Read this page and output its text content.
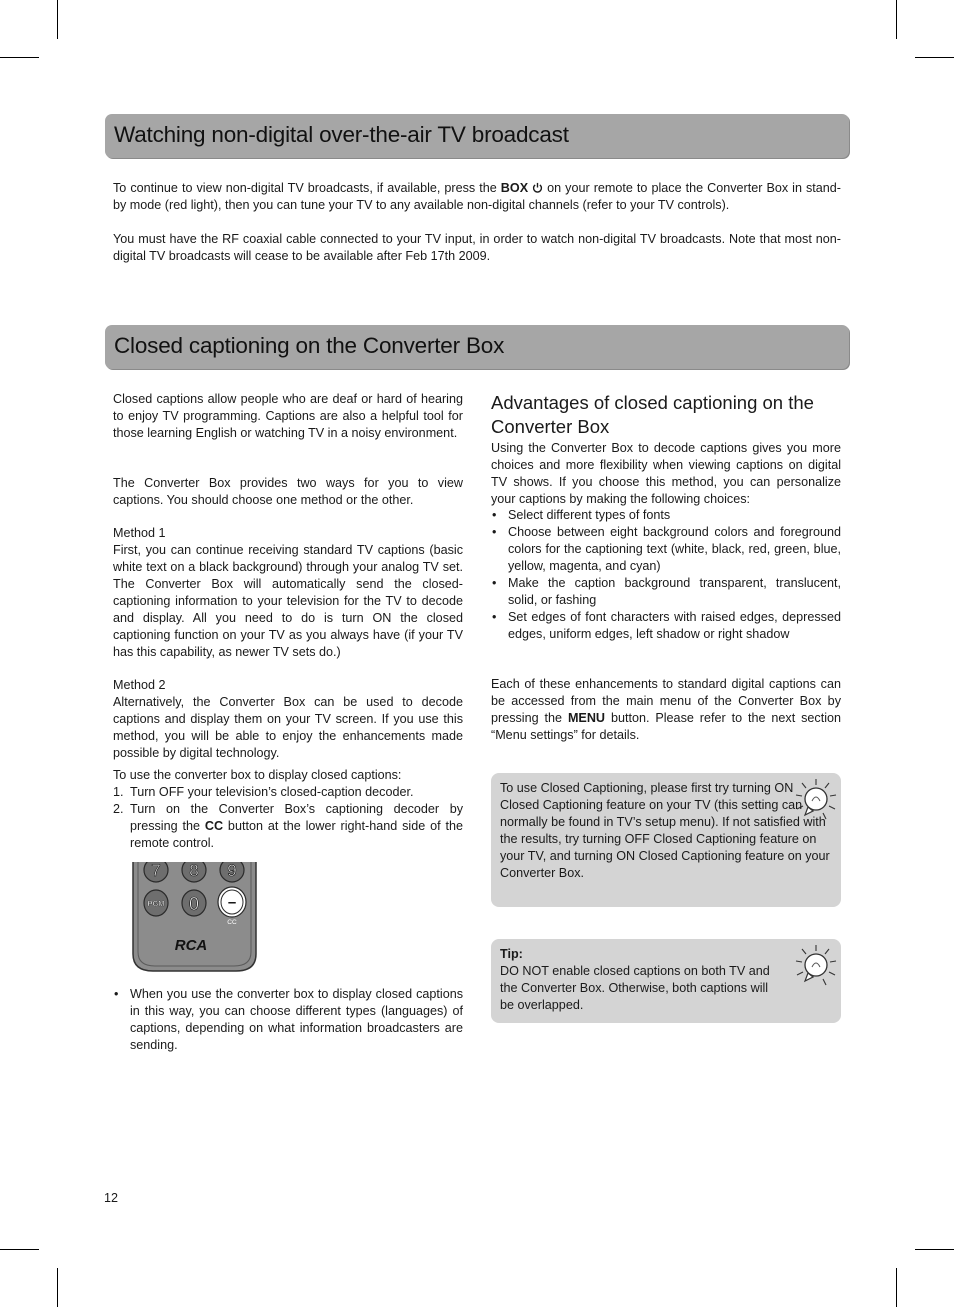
Watching non-digital over-the-air TV broadcast

To continue to view non-digital TV broadcasts, if available, press the BOX  on your remote to place the Converter Box in stand-by mode (red light), then you can tune your TV to any available non-digital channels (refer to your TV controls).

You must have the RF coaxial cable connected to your TV input, in order to watch non-digital TV broadcasts. Note that most non-digital TV broadcasts will cease to be available after Feb 17th 2009.

Closed captioning on the Converter Box

Closed captions allow people who are deaf or hard of hearing to enjoy TV programming. Captions are also a helpful tool for those learning English or watching TV in a noisy environment.

The Converter Box provides two ways for you to view captions. You should choose one method or the other.

Method 1

First, you can continue receiving standard TV captions (basic white text on a black background) through your analog TV set. The Converter Box will automatically send the closed-captioning information to your television for the TV to decode and display. All you need to do is turn ON the closed captioning function on your TV as you always have (if your TV has this capability, as newer TV sets do.)

Method 2

Alternatively, the Converter Box can be used to decode captions and display them on your TV screen. If you use this method, you will be able to enjoy the enhancements made possible by digital technology.

To use the converter box to display closed captions:

1. Turn OFF your television’s closed-caption decoder.
2. Turn on the Converter Box’s captioning decoder by pressing the CC button at the lower right-hand side of the remote control.
7 8 9
PGM 0 –
CC
RCA
• When you use the converter box to display closed captions in this way, you can choose different types (languages) of captions, depending on what information broadcasters are sending.
Advantages of closed captioning on the Converter Box

Using the Converter Box to decode captions gives you more choices and more flexibility when viewing captions on digital TV shows. If you choose this method, you can personalize your captions by making the following choices:

• Select different types of fonts
• Choose between eight background colors and foreground colors for the captioning text (white, black, red, green, blue, yellow, magenta, and cyan)
• Make the caption background transparent, translucent, solid, or fashing
• Set edges of font characters with raised edges, depressed edges, uniform edges, left shadow or right shadow

Each of these enhancements to standard digital captions can be accessed from the main menu of the Converter Box by pressing the MENU button. Please refer to the next section “Menu settings” for details.

To use Closed Captioning, please first try turning ON Closed Captioning feature on your TV (this setting can normally be found in TV’s setup menu). If not satisfied with the results, try turning OFF Closed Captioning feature on your TV, and turning ON Closed Captioning feature on your Converter Box.
Tip:
DO NOT enable closed captions on both TV and the Converter Box. Otherwise, both captions will be overlapped.
12
